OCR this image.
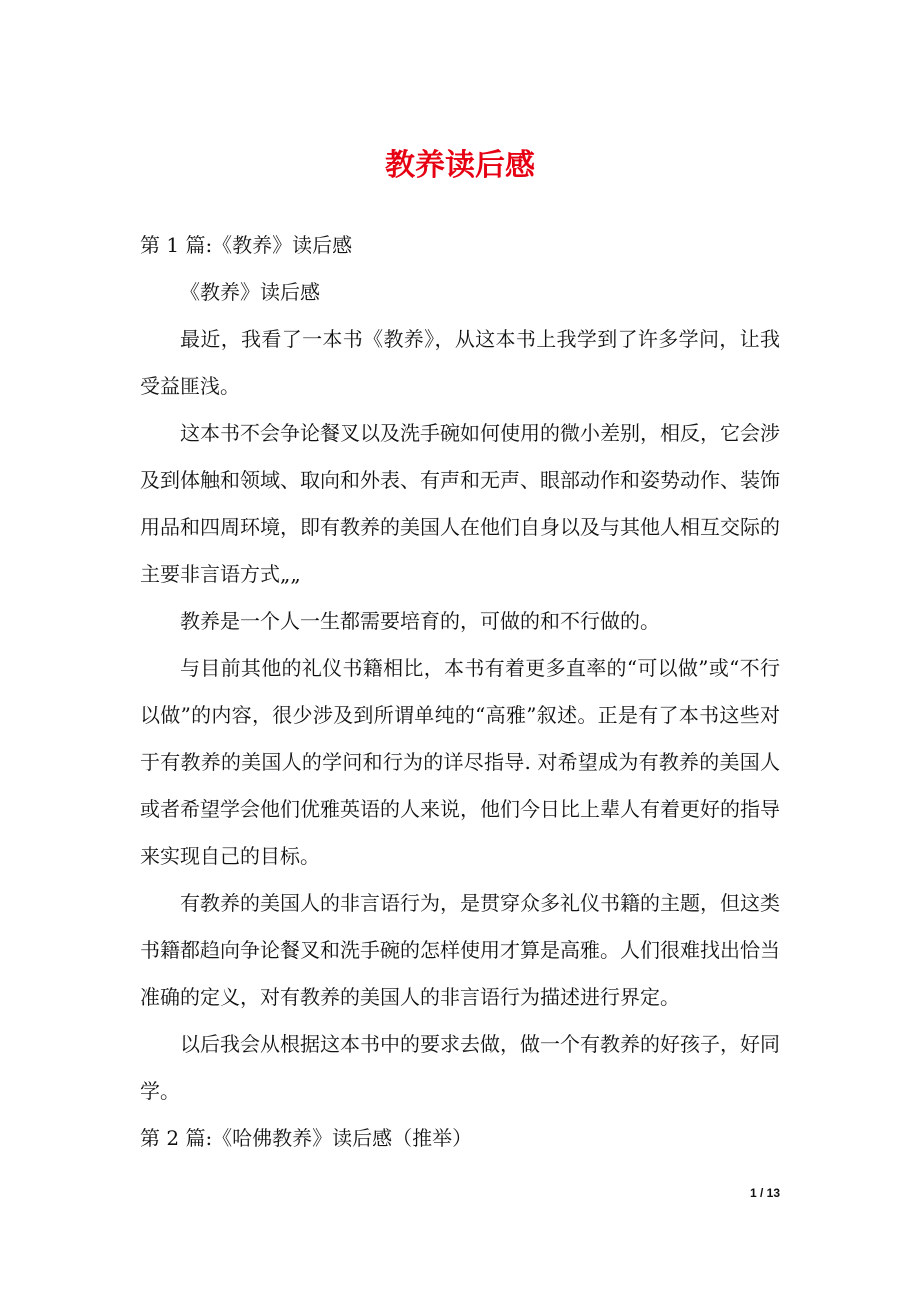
教养读后感
第 1 篇:《教养》读后感

《教养》读后感

最近，我看了一本书《教养》，从这本书上我学到了许多学问，让我受益匪浅。

这本书不会争论餐叉以及洗手碗如何使用的微小差别，相反，它会涉及到体触和领域、取向和外表、有声和无声、眼部动作和姿势动作、装饰用品和四周环境，即有教养的美国人在他们自身以及与其他人相互交际的主要非言语方式„„

教养是一个人一生都需要培育的，可做的和不行做的。

与目前其他的礼仪书籍相比，本书有着更多直率的“可以做”或“不行以做”的内容，很少涉及到所谓单纯的“高雅”叙述。正是有了本书这些对于有教养的美国人的学问和行为的详尽指导. 对希望成为有教养的美国人或者希望学会他们优雅英语的人来说，他们今日比上辈人有着更好的指导来实现自己的目标。

有教养的美国人的非言语行为，是贯穿众多礼仪书籍的主题，但这类书籍都趋向争论餐叉和洗手碗的怎样使用才算是高雅。人们很难找出恰当准确的定义，对有教养的美国人的非言语行为描述进行界定。

以后我会从根据这本书中的要求去做，做一个有教养的好孩子，好同学。

第 2 篇:《哈佛教养》读后感（推举）
1 / 13
